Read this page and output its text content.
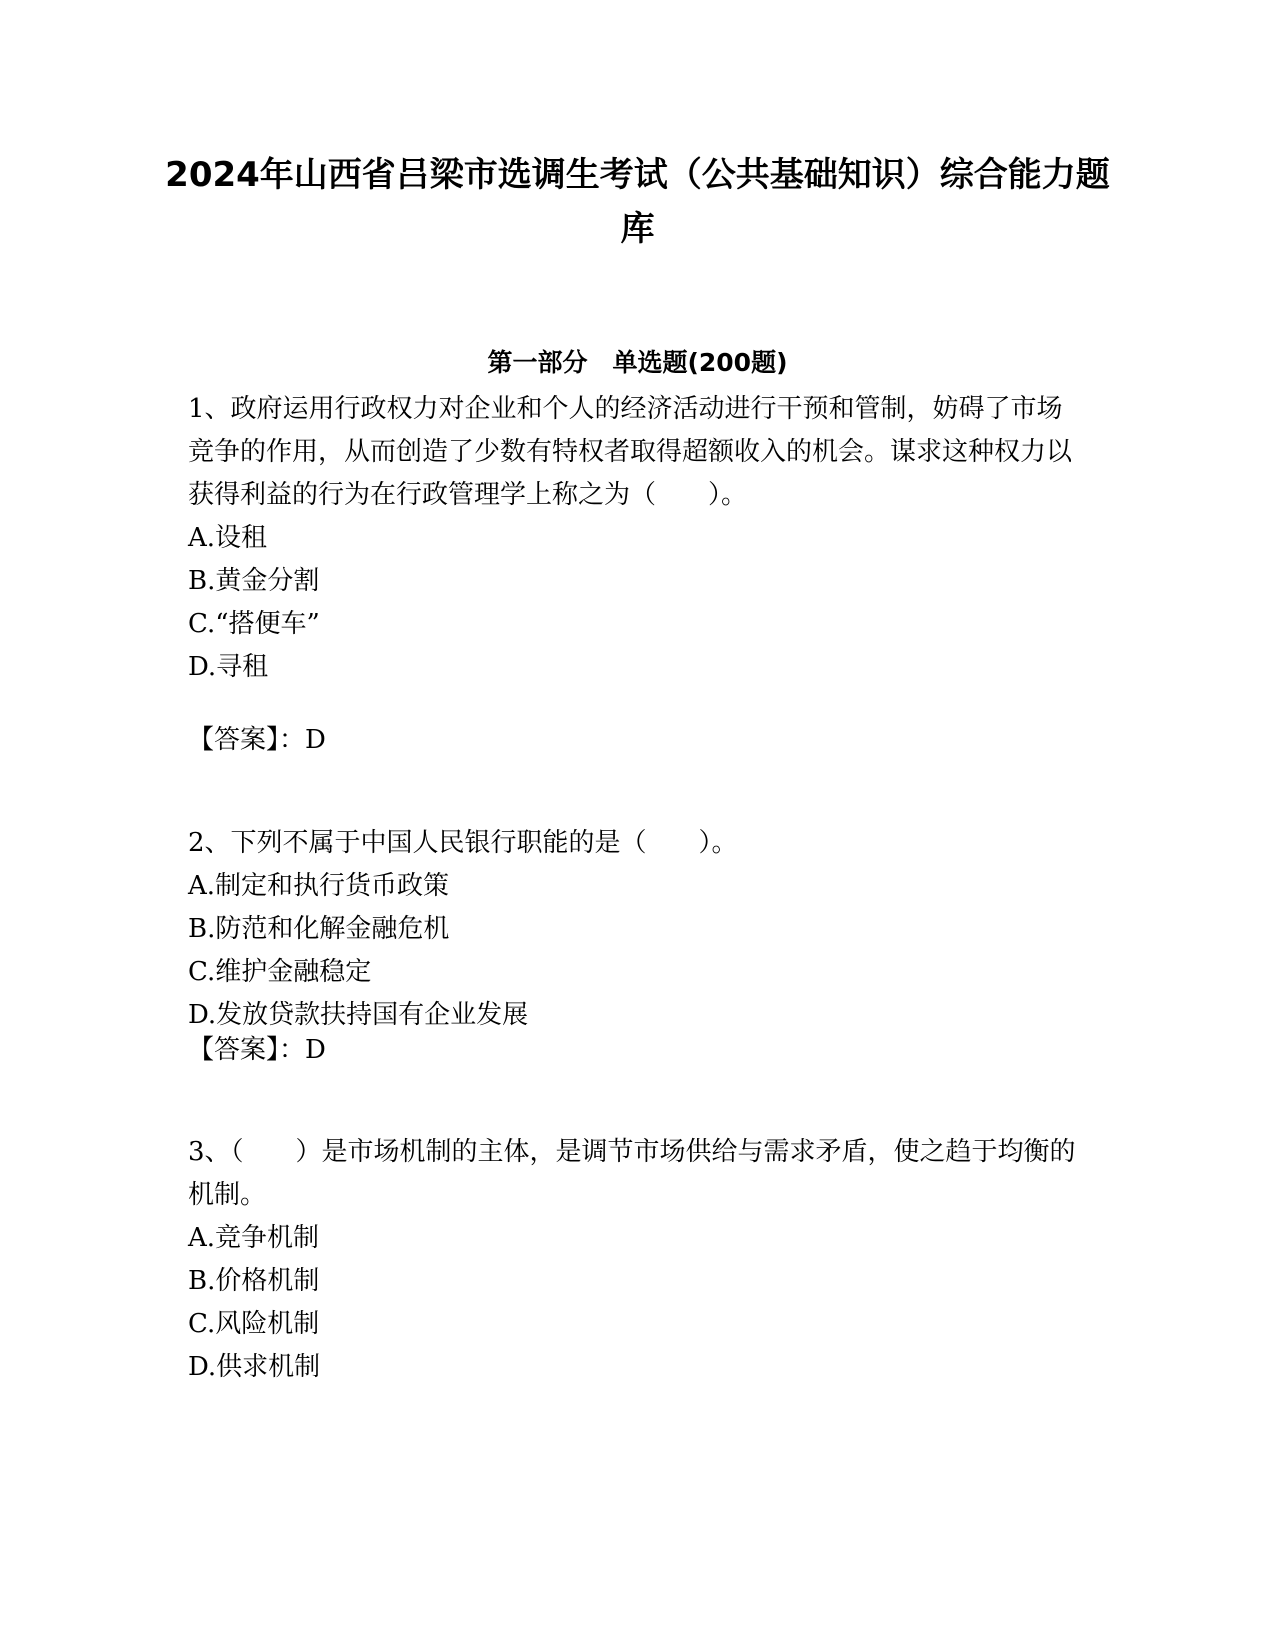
2024年山西省吕梁市选调生考试（公共基础知识）综合能力题库
第一部分　单选题(200题)
1、政府运用行政权力对企业和个人的经济活动进行干预和管制，妨碍了市场竞争的作用，从而创造了少数有特权者取得超额收入的机会。谋求这种权力以获得利益的行为在行政管理学上称之为（　　）。
A.设租
B.黄金分割
C.“搭便车”
D.寻租
【答案】：D
2、下列不属于中国人民银行职能的是（　　）。
A.制定和执行货币政策
B.防范和化解金融危机
C.维护金融稳定
D.发放贷款扶持国有企业发展
【答案】：D
3、（　　）是市场机制的主体，是调节市场供给与需求矛盾，使之趋于均衡的机制。
A.竞争机制
B.价格机制
C.风险机制
D.供求机制
